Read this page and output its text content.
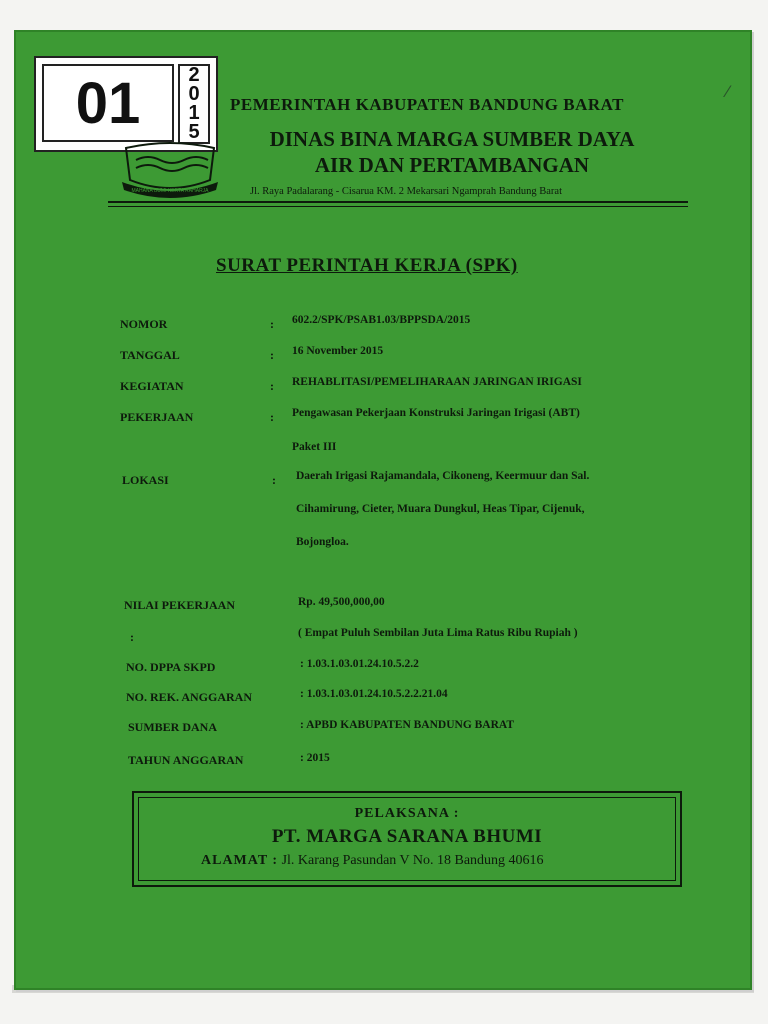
⁄
01	2
0
1
5
MAHANA BUMI KERTA RAHARJA
PEMERINTAH KABUPATEN BANDUNG BARAT
DINAS BINA MARGA SUMBER DAYA
AIR DAN PERTAMBANGAN
Jl. Raya Padalarang - Cisarua KM. 2 Mekarsari Ngamprah Bandung Barat
SURAT PERINTAH KERJA (SPK)
NOMOR	: 602.2/SPK/PSAB1.03/BPPSDA/2015
TANGGAL	: 16 November 2015
KEGIATAN	: REHABLITASI/PEMELIHARAAN JARINGAN IRIGASI
PEKERJAAN	: Pengawasan Pekerjaan Konstruksi Jaringan Irigasi (ABT)
Paket III
LOKASI	: Daerah Irigasi Rajamandala, Cikoneng, Keermuur dan Sal.
Cihamirung, Cieter, Muara Dungkul, Heas Tipar, Cijenuk,
Bojongloa.
NILAI PEKERJAAN	Rp. 49,500,000,00
:	( Empat Puluh Sembilan Juta Lima Ratus Ribu Rupiah )
NO. DPPA SKPD	: 1.03.1.03.01.24.10.5.2.2
NO. REK. ANGGARAN	: 1.03.1.03.01.24.10.5.2.2.21.04
SUMBER DANA	: APBD KABUPATEN BANDUNG BARAT
TAHUN ANGGARAN	: 2015
PELAKSANA :
PT. MARGA SARANA BHUMI
ALAMAT : Jl. Karang Pasundan V No. 18 Bandung 40616
